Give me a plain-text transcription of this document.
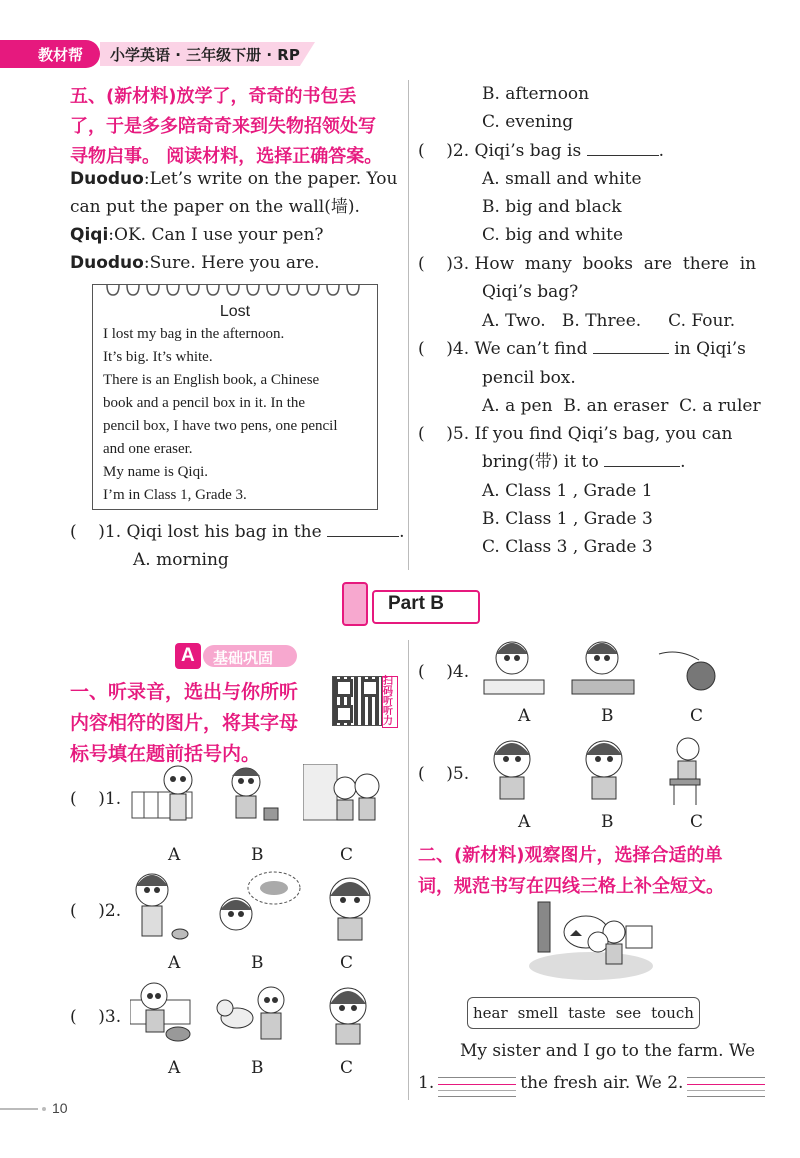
教材帮 小学英语 · 三年级下册 · RP
五、(新材料)放学了，奇奇的书包丢
了，于是多多陪奇奇来到失物招领处写
寻物启事。 阅读材料，选择正确答案。
Duoduo:Let’s write on the paper. You
can put the paper on the wall(墙).
Qiqi:OK. Can I use your pen?
Duoduo:Sure. Here you are.
Lost
I lost my bag in the afternoon.
It’s big. It’s white.
There is an English book, a Chinese
book and a pencil box in it. In the
pencil box, I have two pens, one pencil
and one eraser.
My name is Qiqi.
I’m in Class 1, Grade 3.
(    )1. Qiqi lost his bag in the	.
A. morning
B. afternoon
C. evening
(    )2. Qiqi’s bag is	.
A. small and white
B. big and black
C. big and white
(    )3. How  many  books  are  there  in
Qiqi’s bag?
A. Two.   B. Three.     C. Four.
(    )4. We can’t find	in Qiqi’s
pencil box.
A. a pen  B. an eraser  C. a ruler
(    )5. If you find Qiqi’s bag, you can
bring(带) it to	.
A. Class 1 , Grade 1
B. Class 1 , Grade 3
C. Class 3 , Grade 3
Part B
A 基础巩固
一、听录音，选出与你所听
内容相符的图片，将其字母
标号填在题前括号内。
扫码听听力
(    )1.
A	B	C
(    )2.
A	B	C
(    )3.
A	B	C
(    )4.
A	B	C
(    )5.
A	B	C
二、(新材料)观察图片，选择合适的单
词，规范书写在四线三格上补全短文。
hear smell taste see touch
My sister and I go to the farm. We
1.	the fresh air. We 2.
10
